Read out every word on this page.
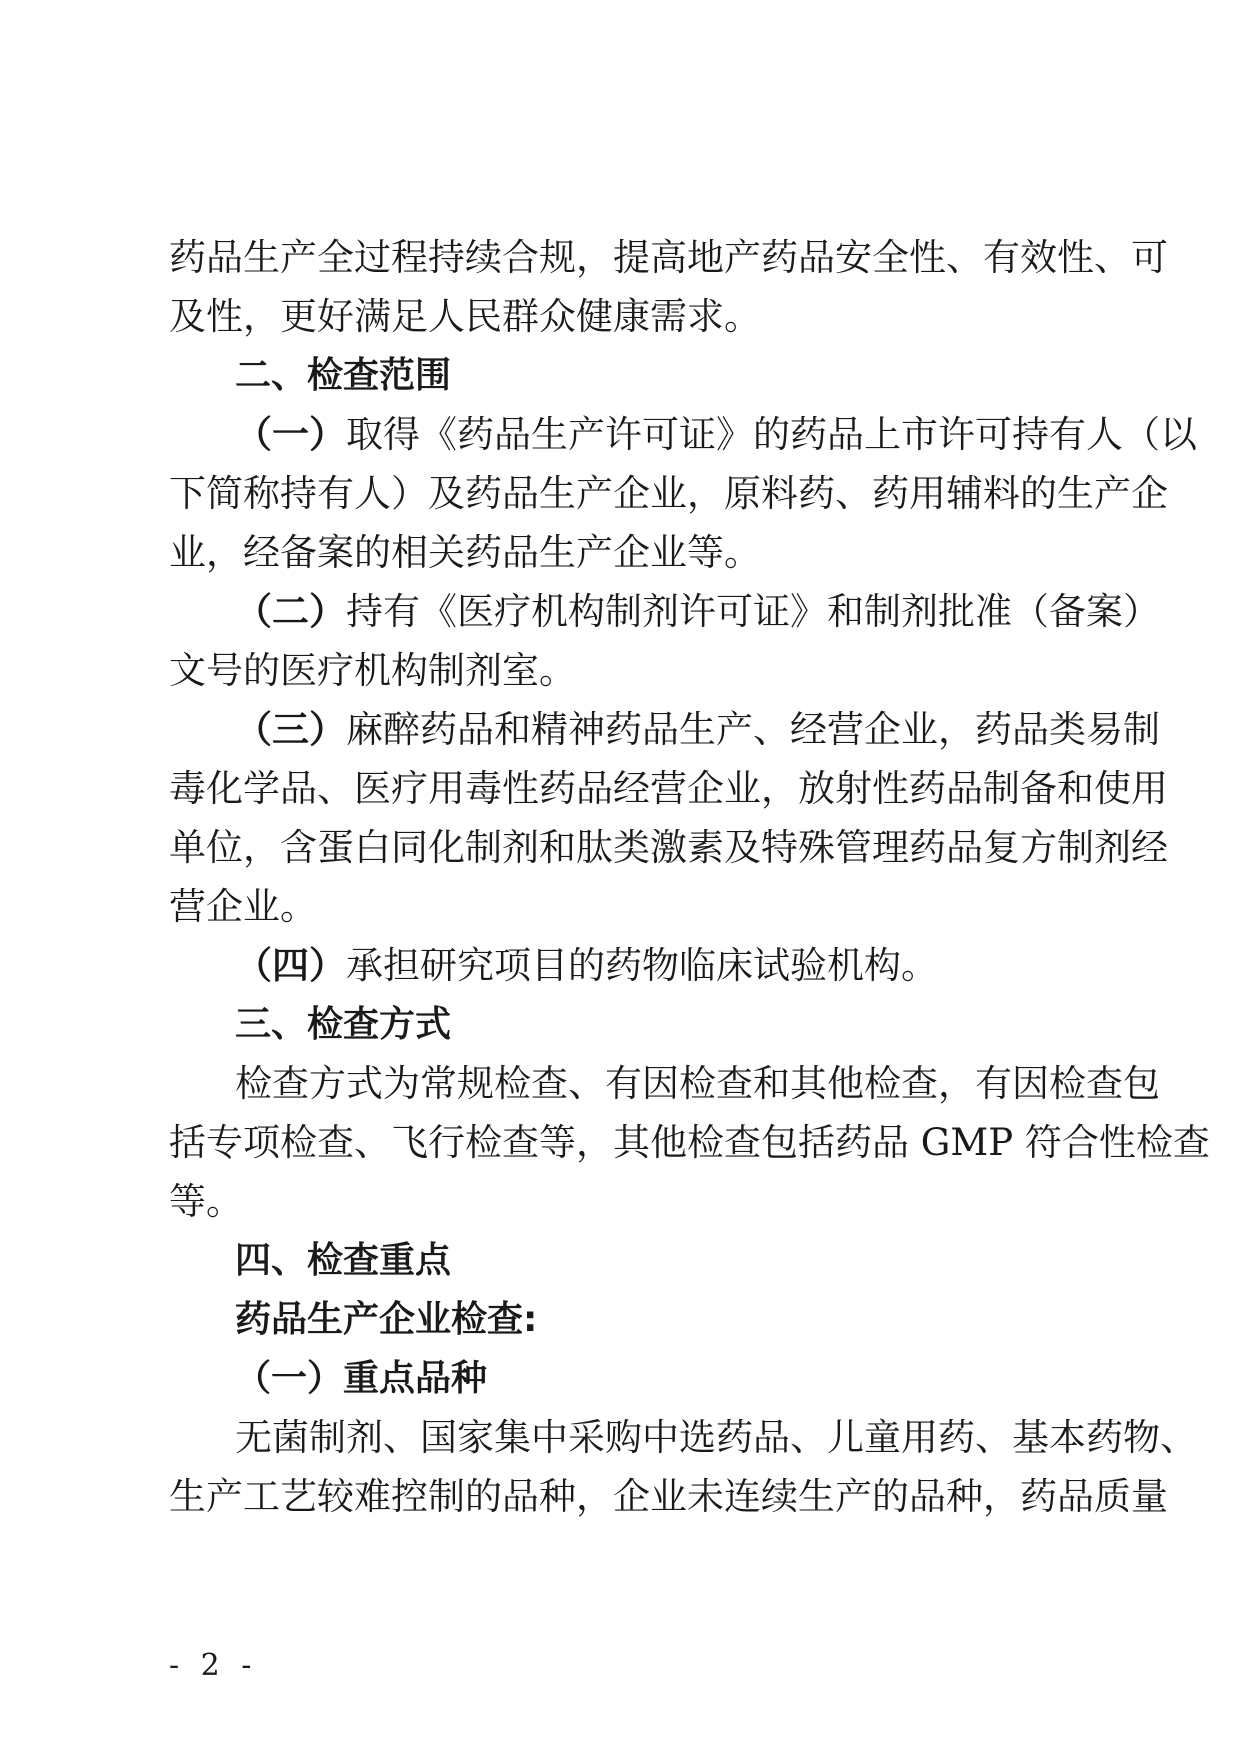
药品生产全过程持续合规，提高地产药品安全性、有效性、可
及性，更好满足人民群众健康需求。
二、检查范围
（一）取得《药品生产许可证》的药品上市许可持有人（以
下简称持有人）及药品生产企业，原料药、药用辅料的生产企
业，经备案的相关药品生产企业等。
（二）持有《医疗机构制剂许可证》和制剂批准（备案）
文号的医疗机构制剂室。
（三）麻醉药品和精神药品生产、经营企业，药品类易制
毒化学品、医疗用毒性药品经营企业，放射性药品制备和使用
单位，含蛋白同化制剂和肽类激素及特殊管理药品复方制剂经
营企业。
（四）承担研究项目的药物临床试验机构。
三、检查方式
检查方式为常规检查、有因检查和其他检查，有因检查包
括专项检查、飞行检查等，其他检查包括药品 GMP 符合性检查
等。
四、检查重点
药品生产企业检查:
（一）重点品种
无菌制剂、国家集中采购中选药品、儿童用药、基本药物、
生产工艺较难控制的品种，企业未连续生产的品种，药品质量
- 2 -
